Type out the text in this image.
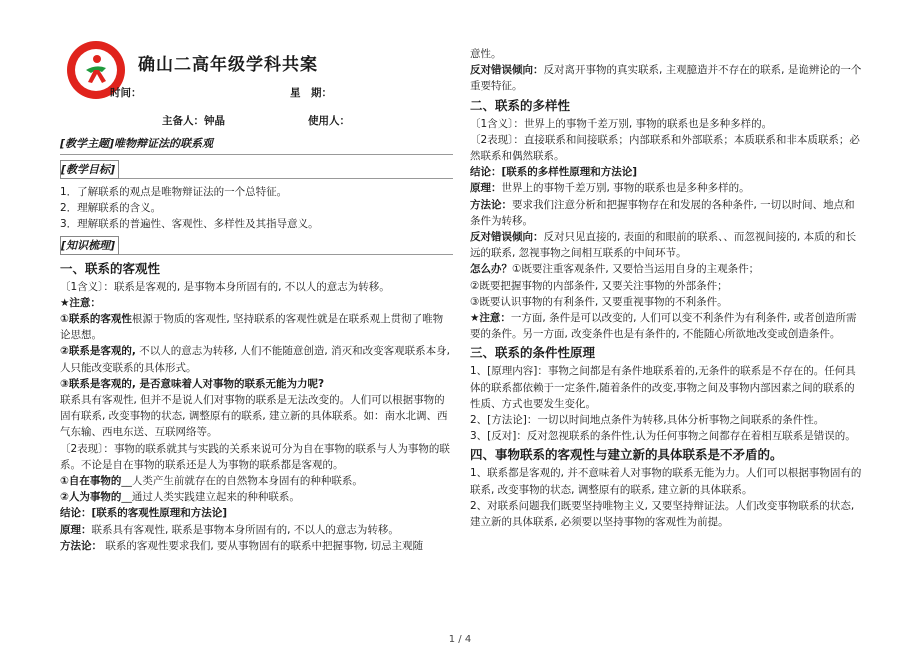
确山二高年级学科共案
时间：	星　期：
主备人：钟晶	使用人：
[教学主题]唯物辩证法的联系观
[教学目标]

1．了解联系的观点是唯物辩证法的一个总特征。

2．理解联系的含义。

3．理解联系的普遍性、客观性、多样性及其指导意义。

[知识梳理]
一、联系的客观性

〔1含义〕：联系是客观的, 是事物本身所固有的, 不以人的意志为转移。

★注意：

①联系的客观性根源于物质的客观性, 坚持联系的客观性就是在联系观上贯彻了唯物论思想。

②联系是客观的, 不以人的意志为转移, 人们不能随意创造, 消灭和改变客观联系本身, 人只能改变联系的具体形式。

③联系是客观的, 是否意味着人对事物的联系无能为力呢?

联系具有客观性, 但并不是说人们对事物的联系是无法改变的。人们可以根据事物的固有联系, 改变事物的状态, 调整原有的联系, 建立新的具体联系。如：南水北调、西气东输、西电东送、互联网络等。

〔2表现〕：事物的联系就其与实践的关系来说可分为自在事物的联系与人为事物的联系。不论是自在事物的联系还是人为事物的联系都是客观的。

①自在事物的__人类产生前就存在的自然物本身固有的种种联系。

②人为事物的__通过人类实践建立起来的种种联系。

结论：[联系的客观性原理和方法论]

原理：联系具有客观性, 联系是事物本身所固有的, 不以人的意志为转移。

方法论： 联系的客观性要求我们, 要从事物固有的联系中把握事物, 切忌主观随

意性。

反对错误倾向：反对离开事物的真实联系, 主观臆造并不存在的联系, 是诡辨论的一个重要特征。

二、联系的多样性

〔1含义〕：世界上的事物千差万别, 事物的联系也是多种多样的。

〔2表现〕：直接联系和间接联系；内部联系和外部联系；本质联系和非本质联系；必然联系和偶然联系。

结论：[联系的多样性原理和方法论]

原理：世界上的事物千差万别, 事物的联系也是多种多样的。

方法论：要求我们注意分析和把握事物存在和发展的各种条件, 一切以时间、地点和条件为转移。

反对错误倾向：反对只见直接的, 表面的和眼前的联系、、而忽视间接的, 本质的和长远的联系, 忽视事物之间相互联系的中间环节。

怎么办？①既要注重客观条件, 又要恰当运用自身的主观条件；

②既要把握事物的内部条件, 又要关注事物的外部条件；

③既要认识事物的有利条件, 又要重视事物的不利条件。

★注意：一方面, 条件是可以改变的, 人们可以变不利条件为有利条件, 或者创造所需要的条件。另一方面, 改变条件也是有条件的, 不能随心所欲地改变或创造条件。

三、联系的条件性原理

1、[原理内容]：事物之间都是有条件地联系着的,无条件的联系是不存在的。任何具体的联系都依赖于一定条件,随着条件的改变,事物之间及事物内部因素之间的联系的性质、方式也要发生变化。

2、[方法论]：一切以时间地点条件为转移,具体分析事物之间联系的条件性。

3、[反对]：反对忽视联系的条件性,认为任何事物之间都存在着相互联系是错误的。

四、事物联系的客观性与建立新的具体联系是不矛盾的。

1、联系都是客观的, 并不意味着人对事物的联系无能为力。人们可以根据事物固有的联系, 改变事物的状态, 调整原有的联系, 建立新的具体联系。

2、对联系问题我们既要坚持唯物主义, 又要坚持辩证法。人们改变事物联系的状态, 建立新的具体联系, 必须要以坚持事物的客观性为前提。

1 / 4
